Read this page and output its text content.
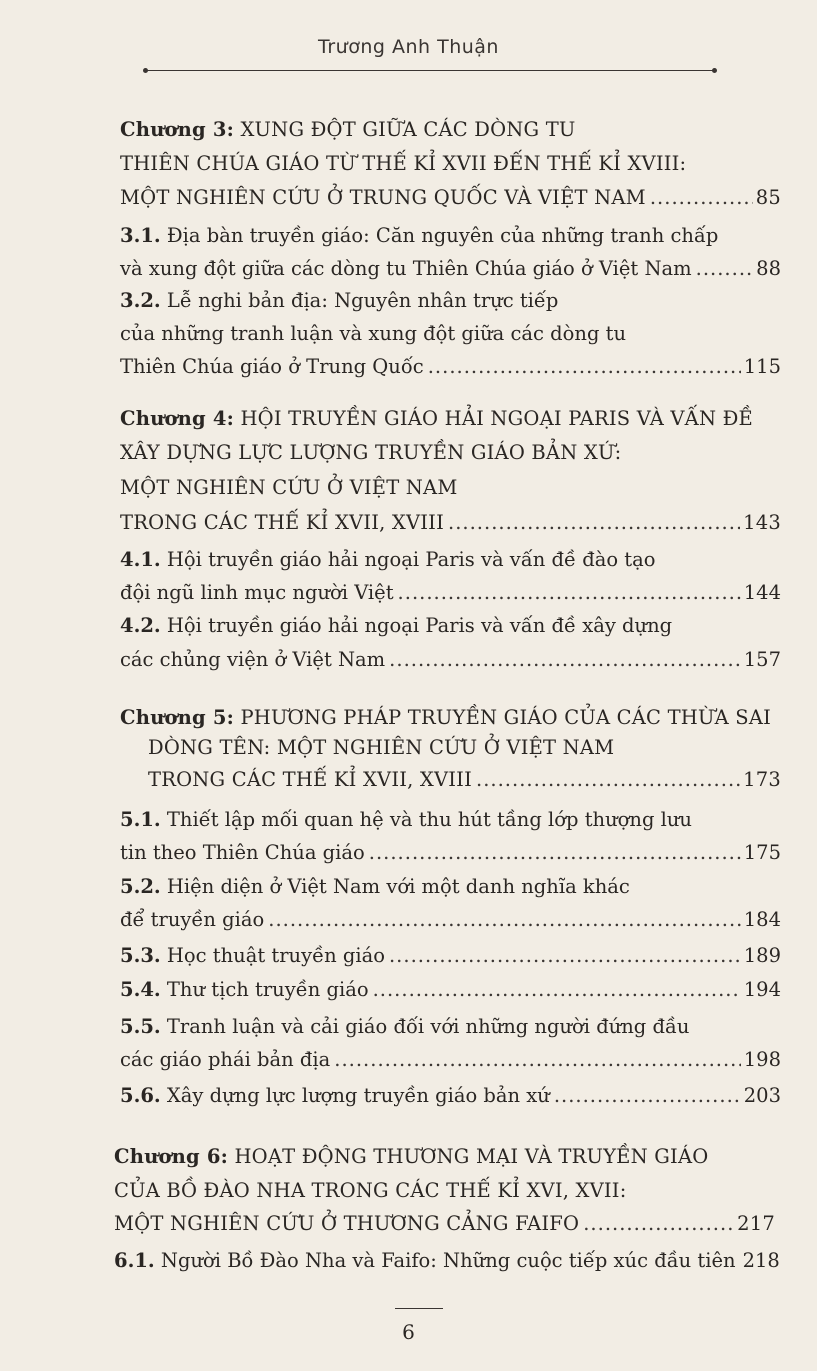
Trương Anh Thuận
Chương 3: XUNG ĐỘT GIỮA CÁC DÒNG TU
THIÊN CHÚA GIÁO TỪ THẾ KỈ XVII ĐẾN THẾ KỈ XVIII:
MỘT NGHIÊN CỨU Ở TRUNG QUỐC VÀ VIỆT NAM .....	85
3.1. Địa bàn truyền giáo: Căn nguyên của những tranh chấp
và xung đột giữa các dòng tu Thiên Chúa giáo ở Việt Nam .....	88
3.2. Lễ nghi bản địa: Nguyên nhân trực tiếp
của những tranh luận và xung đột giữa các dòng tu
Thiên Chúa giáo ở Trung Quốc .....	115
Chương 4: HỘI TRUYỀN GIÁO HẢI NGOẠI PARIS VÀ VẤN ĐỀ
XÂY DỰNG LỰC LƯỢNG TRUYỀN GIÁO BẢN XỨ:
MỘT NGHIÊN CỨU Ở VIỆT NAM
TRONG CÁC THẾ KỈ XVII, XVIII .....	143
4.1. Hội truyền giáo hải ngoại Paris và vấn đề đào tạo
đội ngũ linh mục người Việt .....	144
4.2. Hội truyền giáo hải ngoại Paris và vấn đề xây dựng
các chủng viện ở Việt Nam .....	157
Chương 5: PHƯƠNG PHÁP TRUYỀN GIÁO CỦA CÁC THỪA SAI
DÒNG TÊN: MỘT NGHIÊN CỨU Ở VIỆT NAM
TRONG CÁC THẾ KỈ XVII, XVIII .....	173
5.1. Thiết lập mối quan hệ và thu hút tầng lớp thượng lưu
tin theo Thiên Chúa giáo .....	175
5.2. Hiện diện ở Việt Nam với một danh nghĩa khác
để truyền giáo .....	184
5.3. Học thuật truyền giáo .....	189
5.4. Thư tịch truyền giáo .....	194
5.5. Tranh luận và cải giáo đối với những người đứng đầu
các giáo phái bản địa .....	198
5.6. Xây dựng lực lượng truyền giáo bản xứ .....	203
Chương 6: HOẠT ĐỘNG THƯƠNG MẠI VÀ TRUYỀN GIÁO
CỦA BỒ ĐÀO NHA TRONG CÁC THẾ KỈ XVI, XVII:
MỘT NGHIÊN CỨU Ở THƯƠNG CẢNG FAIFO .....	217
6.1. Người Bồ Đào Nha và Faifo: Những cuộc tiếp xúc đầu tiên 218
6
